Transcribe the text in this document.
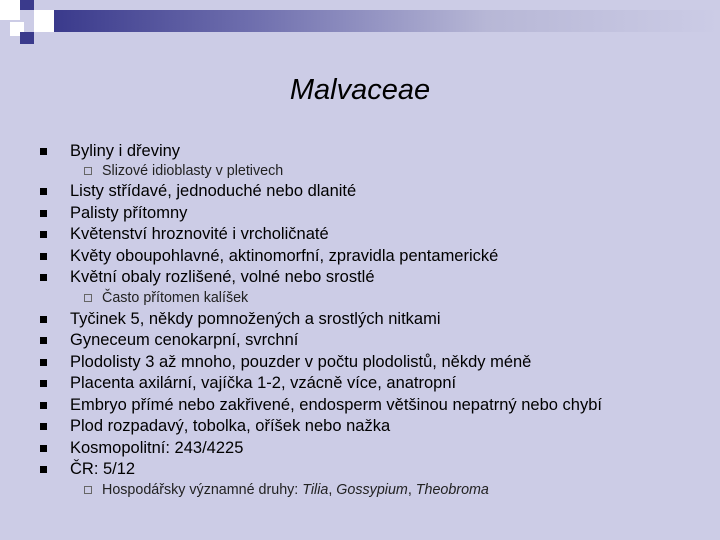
Malvaceae
Byliny i dřeviny
Slizové idioblasty v pletivech
Listy střídavé, jednoduché nebo dlanité
Palisty přítomny
Květenství hroznovité i vrcholičnaté
Květy oboupohlavné, aktinomorfní, zpravidla pentamerické
Květní obaly rozlišené, volné nebo srostlé
Často přítomen kalíšek
Tyčinek 5, někdy pomnožených a srostlých nitkami
Gyneceum cenokarpní, svrchní
Plodolisty 3 až mnoho, pouzder v počtu plodolistů, někdy méně
Placenta axilární, vajíčka 1-2, vzácně více, anatropní
Embryo přímé nebo zakřivené, endosperm většinou nepatrný nebo chybí
Plod rozpadavý, tobolka, oříšek nebo nažka
Kosmopolitní: 243/4225
ČR: 5/12
Hospodářsky významné druhy: Tilia, Gossypium, Theobroma
